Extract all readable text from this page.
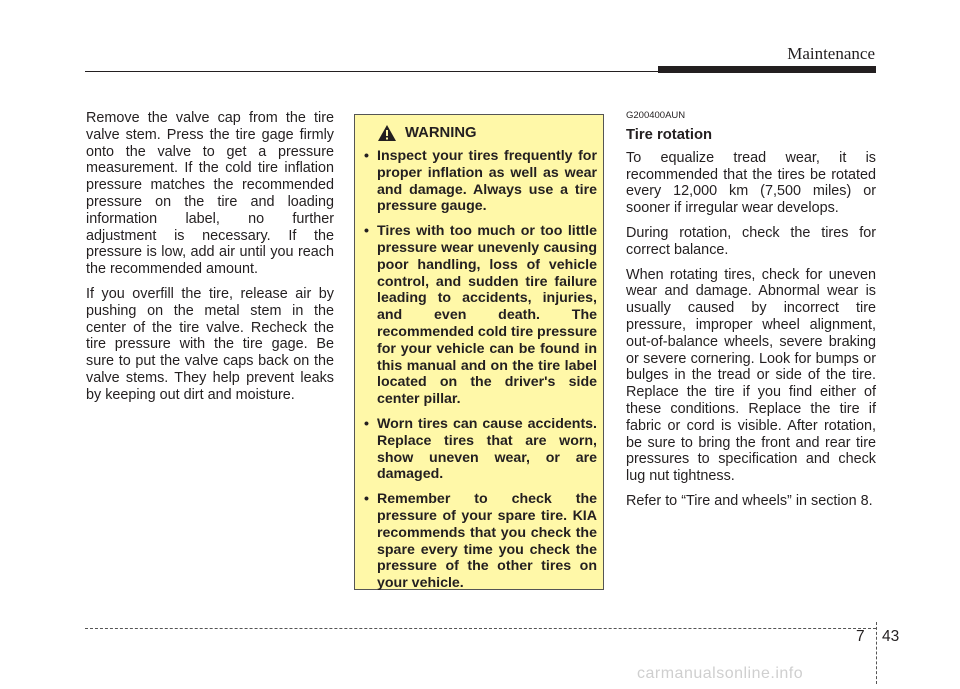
Maintenance

Remove the valve cap from the tire valve stem. Press the tire gage firmly onto the valve to get a pressure measurement. If the cold tire inflation pressure matches the recommended pressure on the tire and loading information label, no further adjustment is necessary. If the pressure is low, add air until you reach the recommended amount.

If you overfill the tire, release air by pushing on the metal stem in the center of the tire valve. Recheck the tire pressure with the tire gage. Be sure to put the valve caps back on the valve stems. They help prevent leaks by keeping out dirt and moisture.

WARNING
• Inspect your tires frequently for proper inflation as well as wear and damage. Always use a tire pressure gauge.
• Tires with too much or too little pressure wear unevenly causing poor handling, loss of vehicle control, and sudden tire failure leading to accidents, injuries, and even death. The recommended cold tire pressure for your vehicle can be found in this manual and on the tire label located on the driver's side center pillar.
• Worn tires can cause accidents. Replace tires that are worn, show uneven wear, or are damaged.
• Remember to check the pressure of your spare tire. KIA recommends that you check the spare every time you check the pressure of the other tires on your vehicle.

G200400AUN

Tire rotation

To equalize tread wear, it is recommended that the tires be rotated every 12,000 km (7,500 miles) or sooner if irregular wear develops.

During rotation, check the tires for correct balance.

When rotating tires, check for uneven wear and damage. Abnormal wear is usually caused by incorrect tire pressure, improper wheel alignment, out-of-balance wheels, severe braking or severe cornering. Look for bumps or bulges in the tread or side of the tire. Replace the tire if you find either of these conditions. Replace the tire if fabric or cord is visible. After rotation, be sure to bring the front and rear tire pressures to specification and check lug nut tightness.

Refer to “Tire and wheels” in section 8.

7 43
carmanualsonline.info
